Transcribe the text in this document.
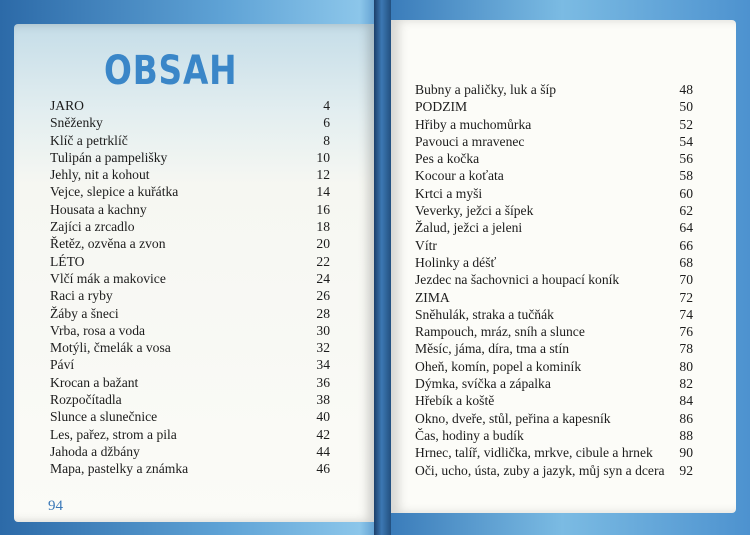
OBSAH
JARO	4
Sněženky	6
Klíč a petrklíč	8
Tulipán a pampelišky	10
Jehly, nit a kohout	12
Vejce, slepice a kuřátka	14
Housata a kachny	16
Zajíci a zrcadlo	18
Řetěz, ozvěna a zvon	20
LÉTO	22
Vlčí mák a makovice	24
Raci a ryby	26
Žáby a šneci	28
Vrba, rosa a voda	30
Motýli, čmelák a vosa	32
Páví	34
Krocan a bažant	36
Rozpočítadla	38
Slunce a slunečnice	40
Les, pařez, strom a pila	42
Jahoda a džbány	44
Mapa, pastelky a známka	46
Bubny a paličky, luk a šíp	48
PODZIM	50
Hřiby a muchomůrka	52
Pavouci a mravenec	54
Pes a kočka	56
Kocour a koťata	58
Krtci a myši	60
Veverky, ježci a šípek	62
Žalud, ježci a jeleni	64
Vítr	66
Holinky a déšť	68
Jezdec na šachovnici a houpací koník	70
ZIMA	72
Sněhulák, straka a tučňák	74
Rampouch, mráz, sníh a slunce	76
Měsíc, jáma, díra, tma a stín	78
Oheň, komín, popel a kominík	80
Dýmka, svíčka a zápalka	82
Hřebík a koště	84
Okno, dveře, stůl, peřina a kapesník	86
Čas, hodiny a budík	88
Hrnec, talíř, vidlička, mrkve, cibule a hrnek 90
Oči, ucho, ústa, zuby a jazyk, můj syn a dcera 92
94
